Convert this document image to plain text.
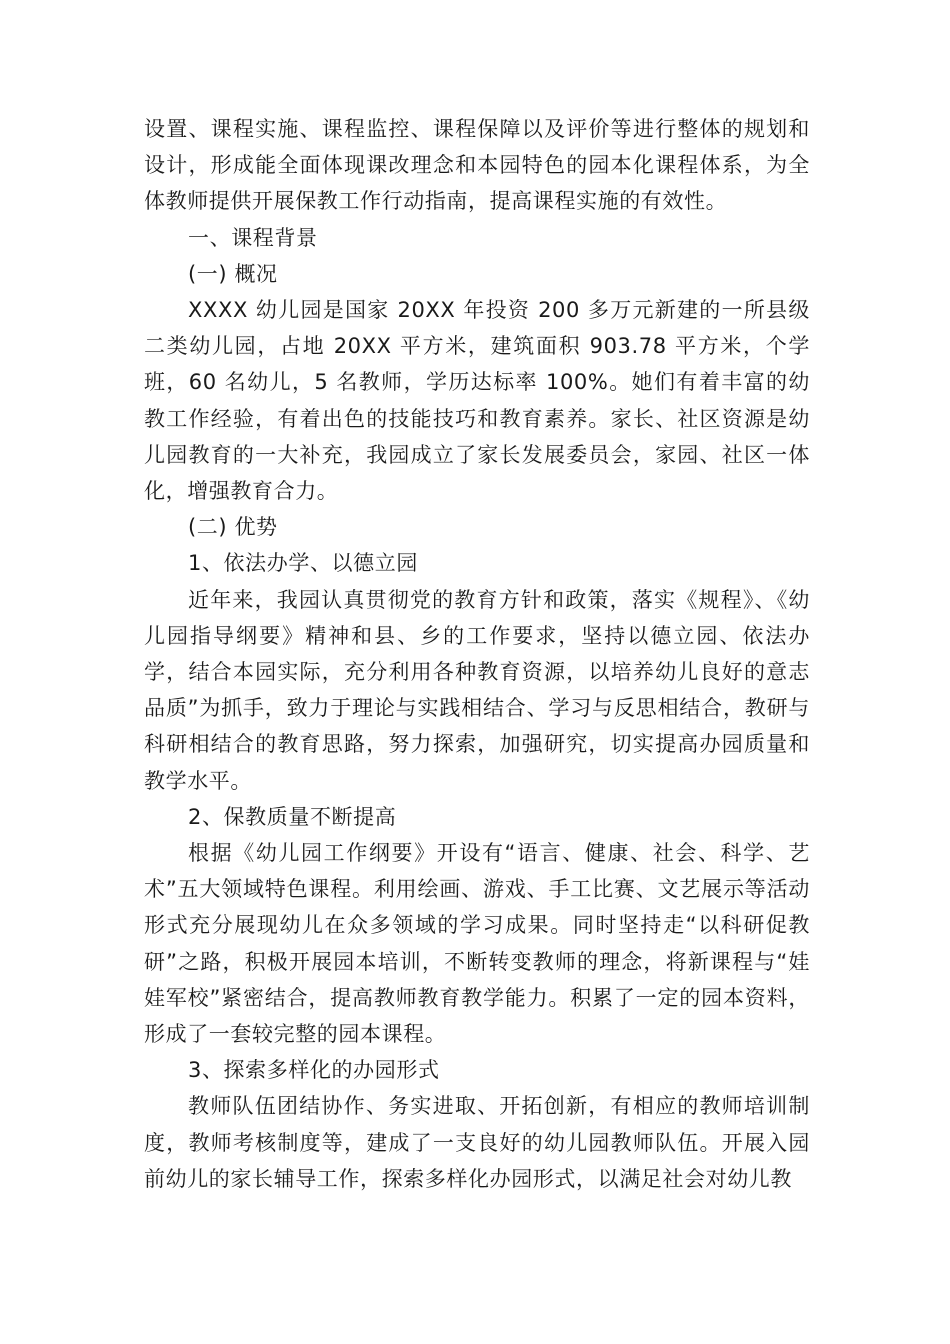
设置、课程实施、课程监控、课程保障以及评价等进行整体的规划和设计，形成能全面体现课改理念和本园特色的园本化课程体系，为全体教师提供开展保教工作行动指南，提高课程实施的有效性。

一、课程背景

(一) 概况

XXXX 幼儿园是国家 20XX 年投资 200 多万元新建的一所县级二类幼儿园，占地 20XX 平方米，建筑面积 903.78 平方米，个学班，60 名幼儿，5 名教师，学历达标率 100%。她们有着丰富的幼教工作经验，有着出色的技能技巧和教育素养。家长、社区资源是幼儿园教育的一大补充，我园成立了家长发展委员会，家园、社区一体化，增强教育合力。

(二) 优势

1、依法办学、以德立园

近年来，我园认真贯彻党的教育方针和政策，落实《规程》、《幼儿园指导纲要》精神和县、乡的工作要求，坚持以德立园、依法办学，结合本园实际，充分利用各种教育资源，以培养幼儿良好的意志品质”为抓手，致力于理论与实践相结合、学习与反思相结合，教研与科研相结合的教育思路，努力探索，加强研究，切实提高办园质量和教学水平。

2、保教质量不断提高

根据《幼儿园工作纲要》开设有“语言、健康、社会、科学、艺术”五大领域特色课程。利用绘画、游戏、手工比赛、文艺展示等活动形式充分展现幼儿在众多领域的学习成果。同时坚持走“以科研促教研”之路，积极开展园本培训，不断转变教师的理念，将新课程与“娃娃军校”紧密结合，提高教师教育教学能力。积累了一定的园本资料，形成了一套较完整的园本课程。

3、探索多样化的办园形式

教师队伍团结协作、务实进取、开拓创新，有相应的教师培训制度，教师考核制度等，建成了一支良好的幼儿园教师队伍。开展入园前幼儿的家长辅导工作，探索多样化办园形式，以满足社会对幼儿教
